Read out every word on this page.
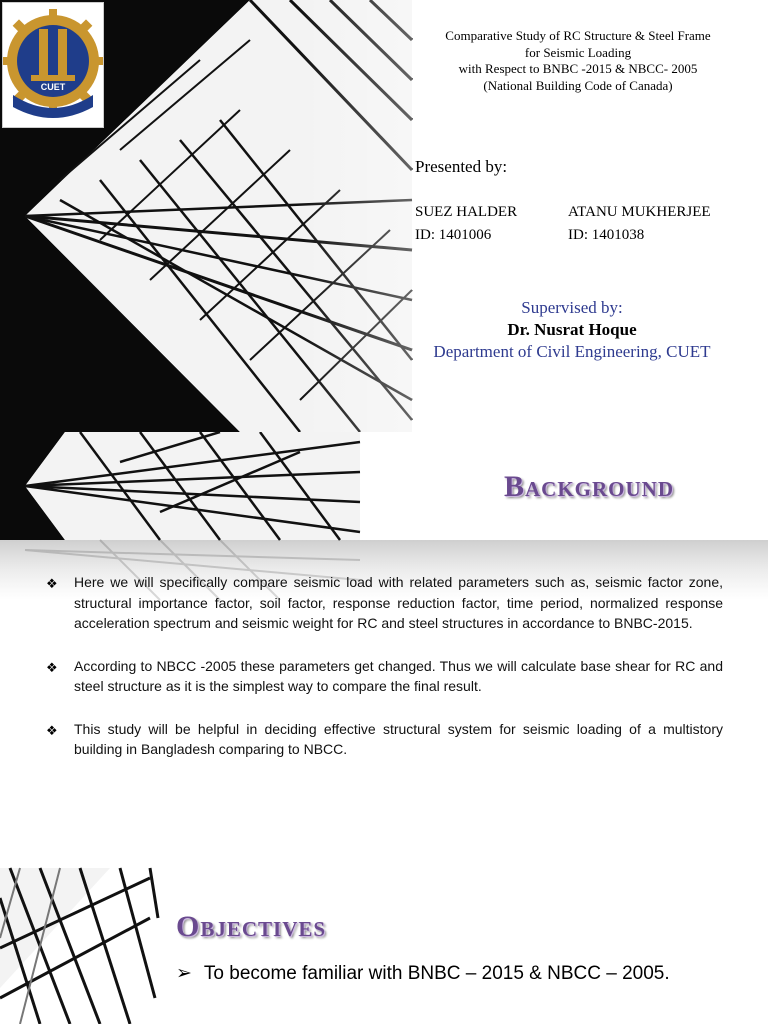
CUET
Comparative Study of RC Structure & Steel Frame
for Seismic Loading
with Respect to BNBC -2015 & NBCC- 2005
(National Building Code of Canada)
Presented by:
SUEZ HALDER
ID: 1401006
ATANU MUKHERJEE
ID: 1401038
Supervised by:
Dr. Nusrat Hoque
Department of Civil Engineering, CUET
Background
❖ Here we will specifically compare seismic load with related parameters such as, seismic factor zone, structural importance factor, soil factor, response reduction factor, time period, normalized response acceleration spectrum and seismic weight for RC and steel structures in accordance to BNBC-2015.
❖ According to NBCC -2005 these parameters get changed. Thus we will calculate base shear for RC and steel structure as it is the simplest way to compare the final result.
❖ This study will be helpful in deciding effective structural system for seismic loading of a multistory building in Bangladesh comparing to NBCC.
Objectives
➢ To become familiar with BNBC – 2015 & NBCC – 2005.
